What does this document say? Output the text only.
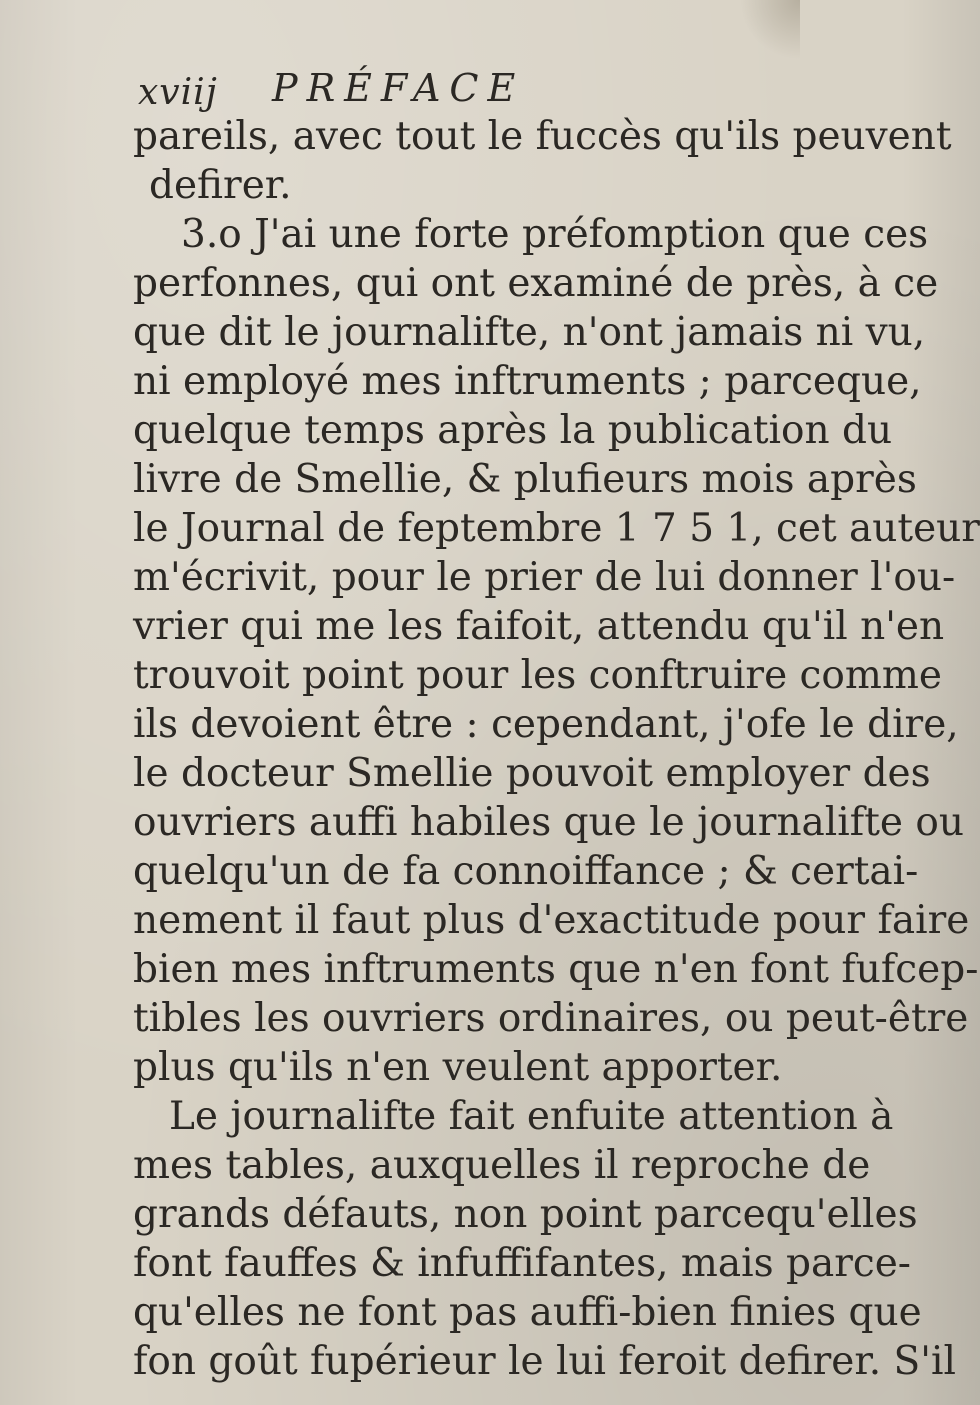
xviij PRÉFACE
pareils, avec tout le fuccès qu'ils peuvent
defirer.
3.o J'ai une forte préfomption que ces
perfonnes, qui ont examiné de près, à ce
que dit le journalifte, n'ont jamais ni vu,
ni employé mes inftruments ; parceque,
quelque temps après la publication du
livre de Smellie, & plufieurs mois après
le Journal de feptembre 1 7 5 1, cet auteur
m'écrivit, pour le prier de lui donner l'ou-
vrier qui me les faifoit, attendu qu'il n'en
trouvoit point pour les conftruire comme
ils devoient être : cependant, j'ofe le dire,
le docteur Smellie pouvoit employer des
ouvriers auffi habiles que le journalifte ou
quelqu'un de fa connoiffance ; & certai-
nement il faut plus d'exactitude pour faire
bien mes inftruments que n'en font fufcep-
tibles les ouvriers ordinaires, ou peut-être
plus qu'ils n'en veulent apporter.
Le journalifte fait enfuite attention à
mes tables, auxquelles il reproche de
grands défauts, non point parcequ'elles
font fauffes & infuffifantes, mais parce-
qu'elles ne font pas auffi-bien finies que
fon goût fupérieur le lui feroit defirer. S'il
